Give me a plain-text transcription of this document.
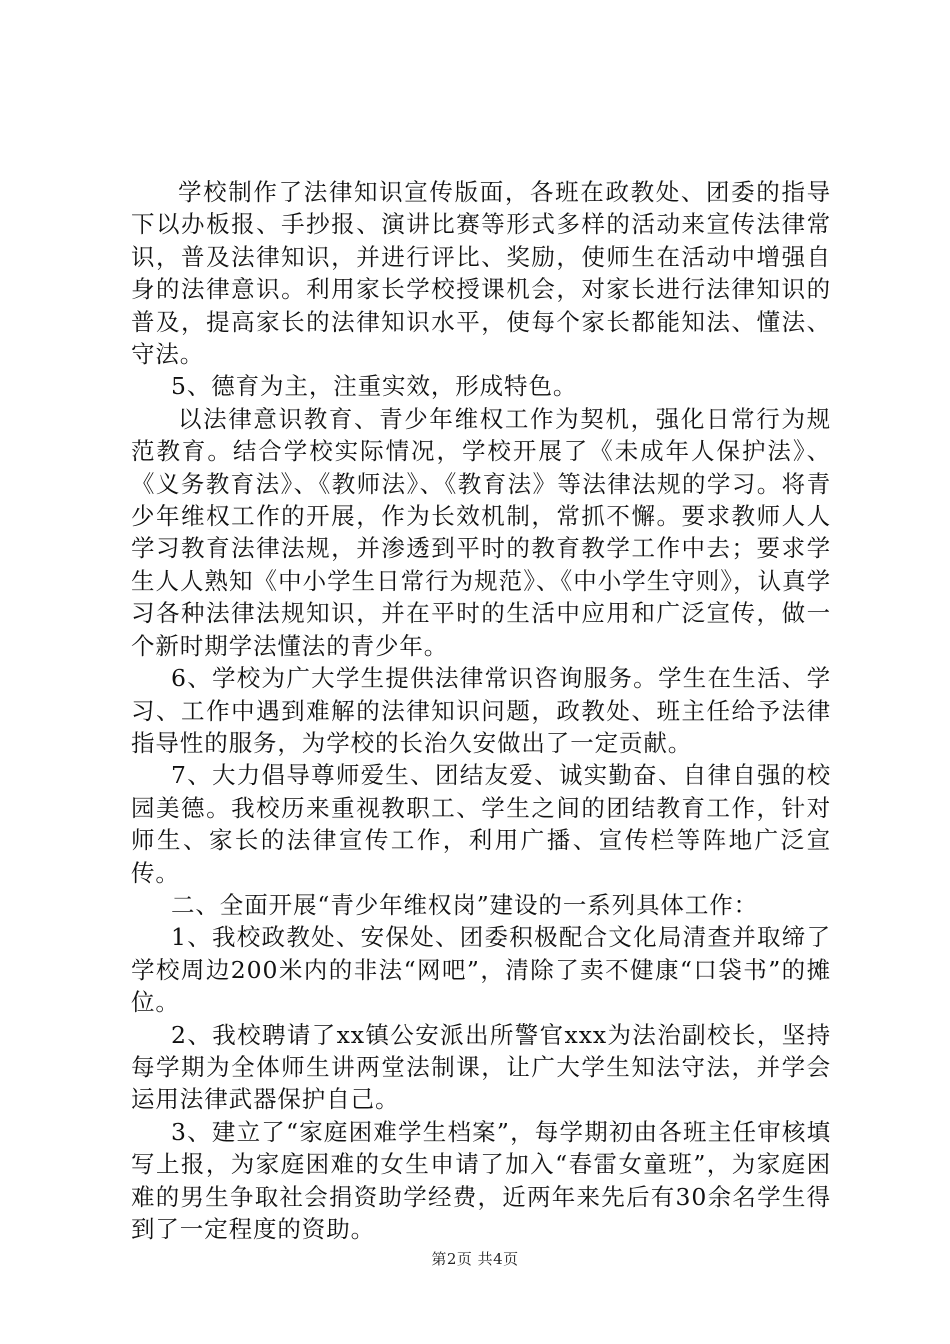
学校制作了法律知识宣传版面，各班在政教处、团委的指导下以办板报、手抄报、演讲比赛等形式多样的活动来宣传法律常识，普及法律知识，并进行评比、奖励，使师生在活动中增强自身的法律意识。利用家长学校授课机会，对家长进行法律知识的普及，提高家长的法律知识水平，使每个家长都能知法、懂法、守法。

5、德育为主，注重实效，形成特色。

以法律意识教育、青少年维权工作为契机，强化日常行为规范教育。结合学校实际情况，学校开展了《未成年人保护法》、《义务教育法》、《教师法》、《教育法》等法律法规的学习。将青少年维权工作的开展，作为长效机制，常抓不懈。要求教师人人学习教育法律法规，并渗透到平时的教育教学工作中去；要求学生人人熟知《中小学生日常行为规范》、《中小学生守则》，认真学习各种法律法规知识，并在平时的生活中应用和广泛宣传，做一个新时期学法懂法的青少年。

6、学校为广大学生提供法律常识咨询服务。学生在生活、学习、工作中遇到难解的法律知识问题，政教处、班主任给予法律指导性的服务，为学校的长治久安做出了一定贡献。

7、大力倡导尊师爱生、团结友爱、诚实勤奋、自律自强的校园美德。我校历来重视教职工、学生之间的团结教育工作，针对师生、家长的法律宣传工作，利用广播、宣传栏等阵地广泛宣传。

二、全面开展“青少年维权岗”建设的一系列具体工作：

1、我校政教处、安保处、团委积极配合文化局清查并取缔了学校周边200米内的非法“网吧”，清除了卖不健康“口袋书”的摊位。

2、我校聘请了xx镇公安派出所警官xxx为法治副校长，坚持每学期为全体师生讲两堂法制课，让广大学生知法守法，并学会运用法律武器保护自己。

3、建立了“家庭困难学生档案”，每学期初由各班主任审核填写上报，为家庭困难的女生申请了加入“春雷女童班”，为家庭困难的男生争取社会捐资助学经费，近两年来先后有30余名学生得到了一定程度的资助。

第2页 共4页
